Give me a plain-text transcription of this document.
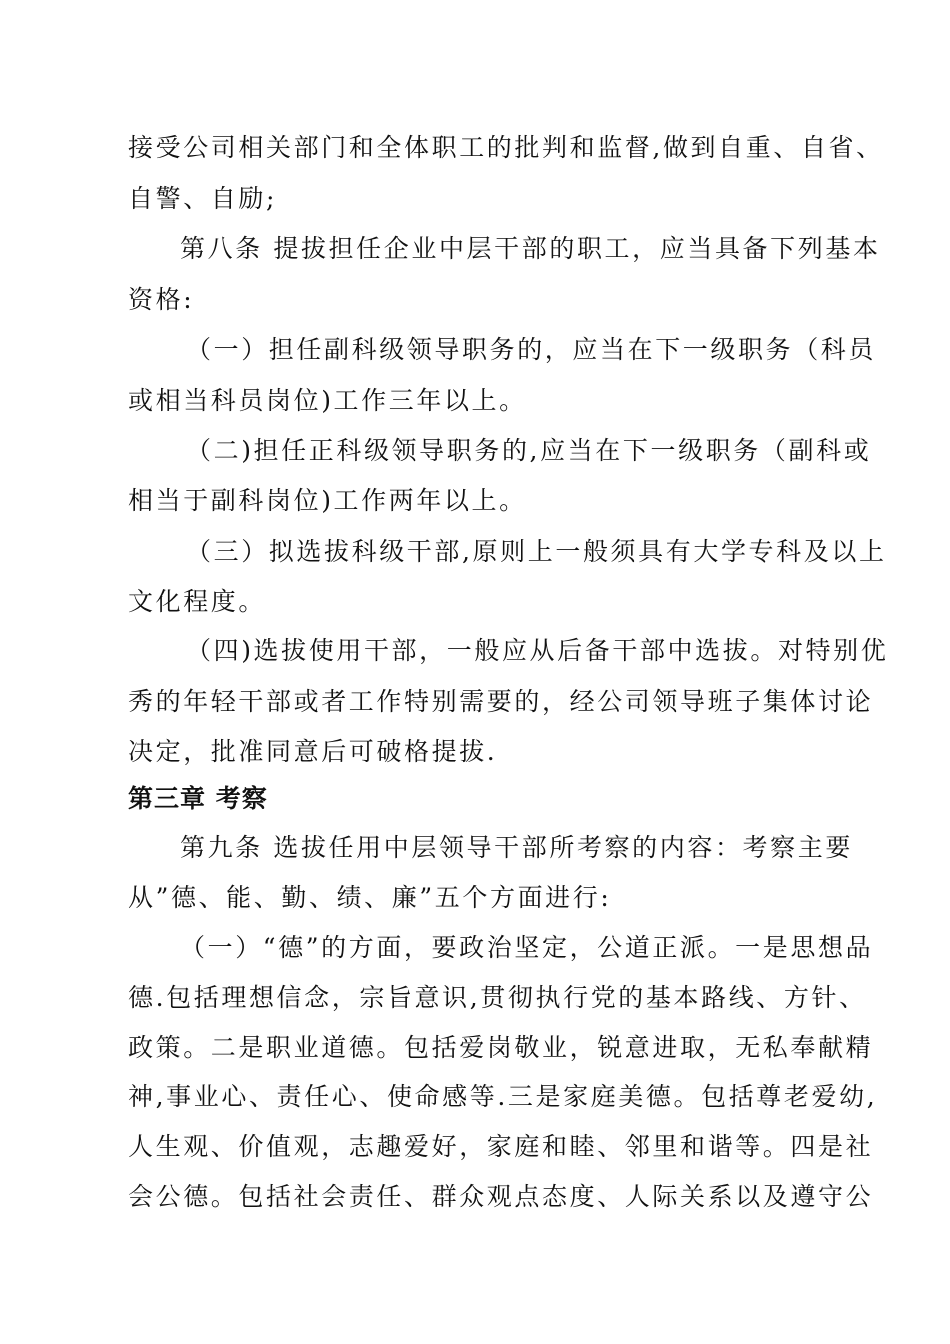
接受公司相关部门和全体职工的批判和监督,做到自重、自省、
自警、自励;
第八条 提拔担任企业中层干部的职工，应当具备下列基本
资格:
（一）担任副科级领导职务的，应当在下一级职务（科员
或相当科员岗位)工作三年以上。
（二)担任正科级领导职务的,应当在下一级职务（副科或
相当于副科岗位)工作两年以上。
（三）拟选拔科级干部,原则上一般须具有大学专科及以上
文化程度。
（四)选拔使用干部，一般应从后备干部中选拔。对特别优
秀的年轻干部或者工作特别需要的，经公司领导班子集体讨论
决定，批准同意后可破格提拔.
第三章 考察
第九条 选拔任用中层领导干部所考察的内容：考察主要
从”德、能、勤、绩、廉”五个方面进行:
（一）“德”的方面，要政治坚定，公道正派。一是思想品
德.包括理想信念，宗旨意识,贯彻执行党的基本路线、方针、
政策。二是职业道德。包括爱岗敬业，锐意进取，无私奉献精
神,事业心、责任心、使命感等.三是家庭美德。包括尊老爱幼,
人生观、价值观，志趣爱好，家庭和睦、邻里和谐等。四是社
会公德。包括社会责任、群众观点态度、人际关系以及遵守公
